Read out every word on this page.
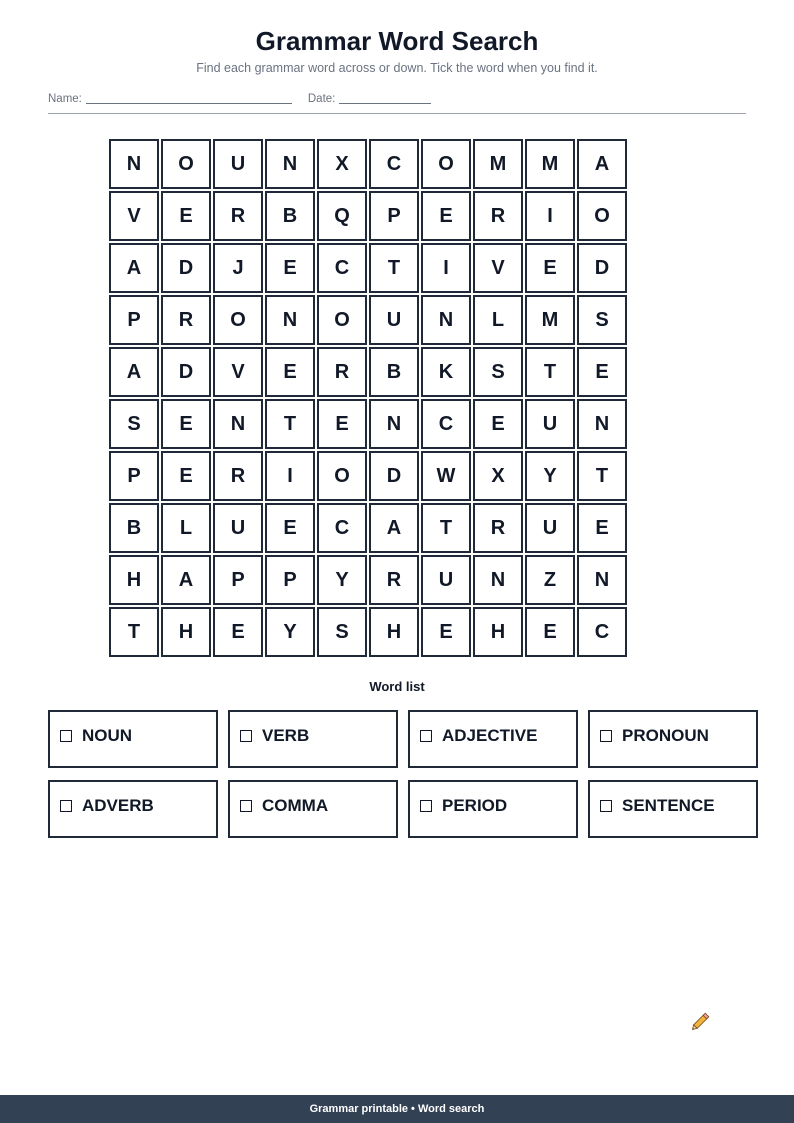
Grammar Word Search
Find each grammar word across or down. Tick the word when you find it.
Name:	Date:
N	O	U	N	X	C	O	M	M	A
V	E	R	B	Q	P	E	R	I	O
A	D	J	E	C	T	I	V	E	D
P	R	O	N	O	U	N	L	M	S
A	D	V	E	R	B	K	S	T	E
S	E	N	T	E	N	C	E	U	N
P	E	R	I	O	D	W	X	Y	T
B	L	U	E	C	A	T	R	U	E
H	A	P	P	Y	R	U	N	Z	N
T	H	E	Y	S	H	E	H	E	C
Word list
NOUN	VERB	ADJECTIVE	PRONOUN
ADVERB	COMMA	PERIOD	SENTENCE
Grammar printable • Word search
